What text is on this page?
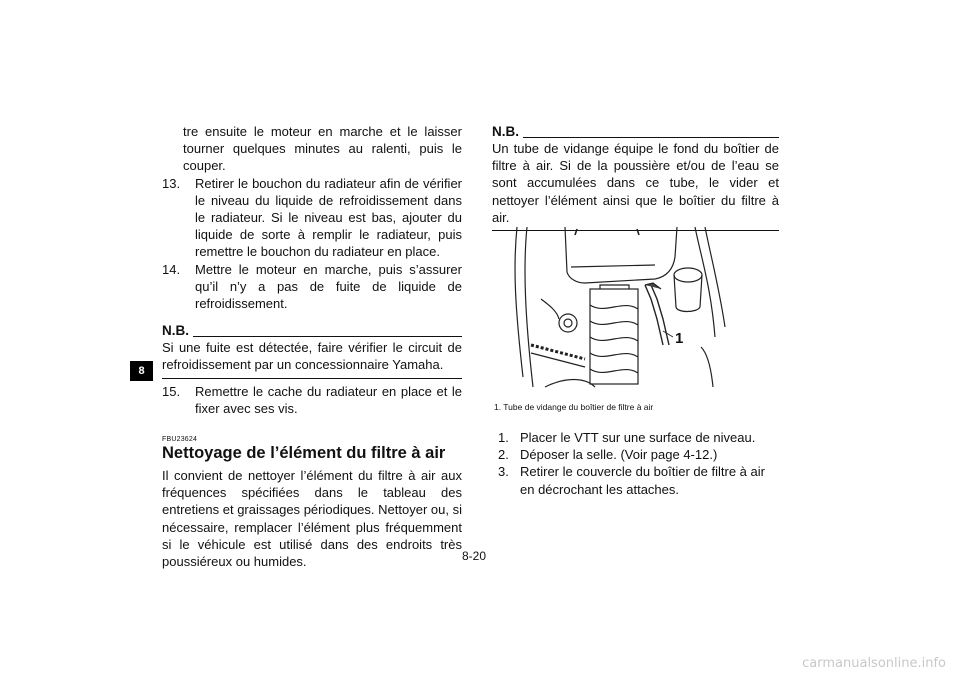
8

tre ensuite le moteur en marche et le laisser tourner quelques minutes au ralenti, puis le couper.

13.	Retirer le bouchon du radiateur afin de vérifier le niveau du liquide de refroidissement dans le radiateur. Si le niveau est bas, ajouter du liquide de sorte à remplir le radiateur, puis remettre le bouchon du radiateur en place.
14.	Mettre le moteur en marche, puis s’assurer qu’il n’y a pas de fuite de liquide de refroidissement.
N.B.

Si une fuite est détectée, faire vérifier le circuit de refroidissement par un concessionnaire Yamaha.

15.	Remettre le cache du radiateur en place et le fixer avec ses vis.
FBU23624
Nettoyage de l’élément du filtre à air

Il convient de nettoyer l’élément du filtre à air aux fréquences spécifiées dans le tableau des entretiens et graissages périodiques. Nettoyer ou, si nécessaire, remplacer l’élément plus fréquemment si le véhicule est utilisé dans des endroits très poussiéreux ou humides.

N.B.

Un tube de vidange équipe le fond du boîtier de filtre à air. Si de la poussière et/ou de l’eau se sont accumulées dans ce tube, le vider et nettoyer l’élément ainsi que le boîtier du filtre à air.

1
1. Tube de vidange du boîtier de filtre à air
1. Placer le VTT sur une surface de niveau.
2. Déposer la selle. (Voir page 4-12.)
3. Retirer le couvercle du boîtier de filtre à air en décrochant les attaches.
8-20
carmanualsonline.info
